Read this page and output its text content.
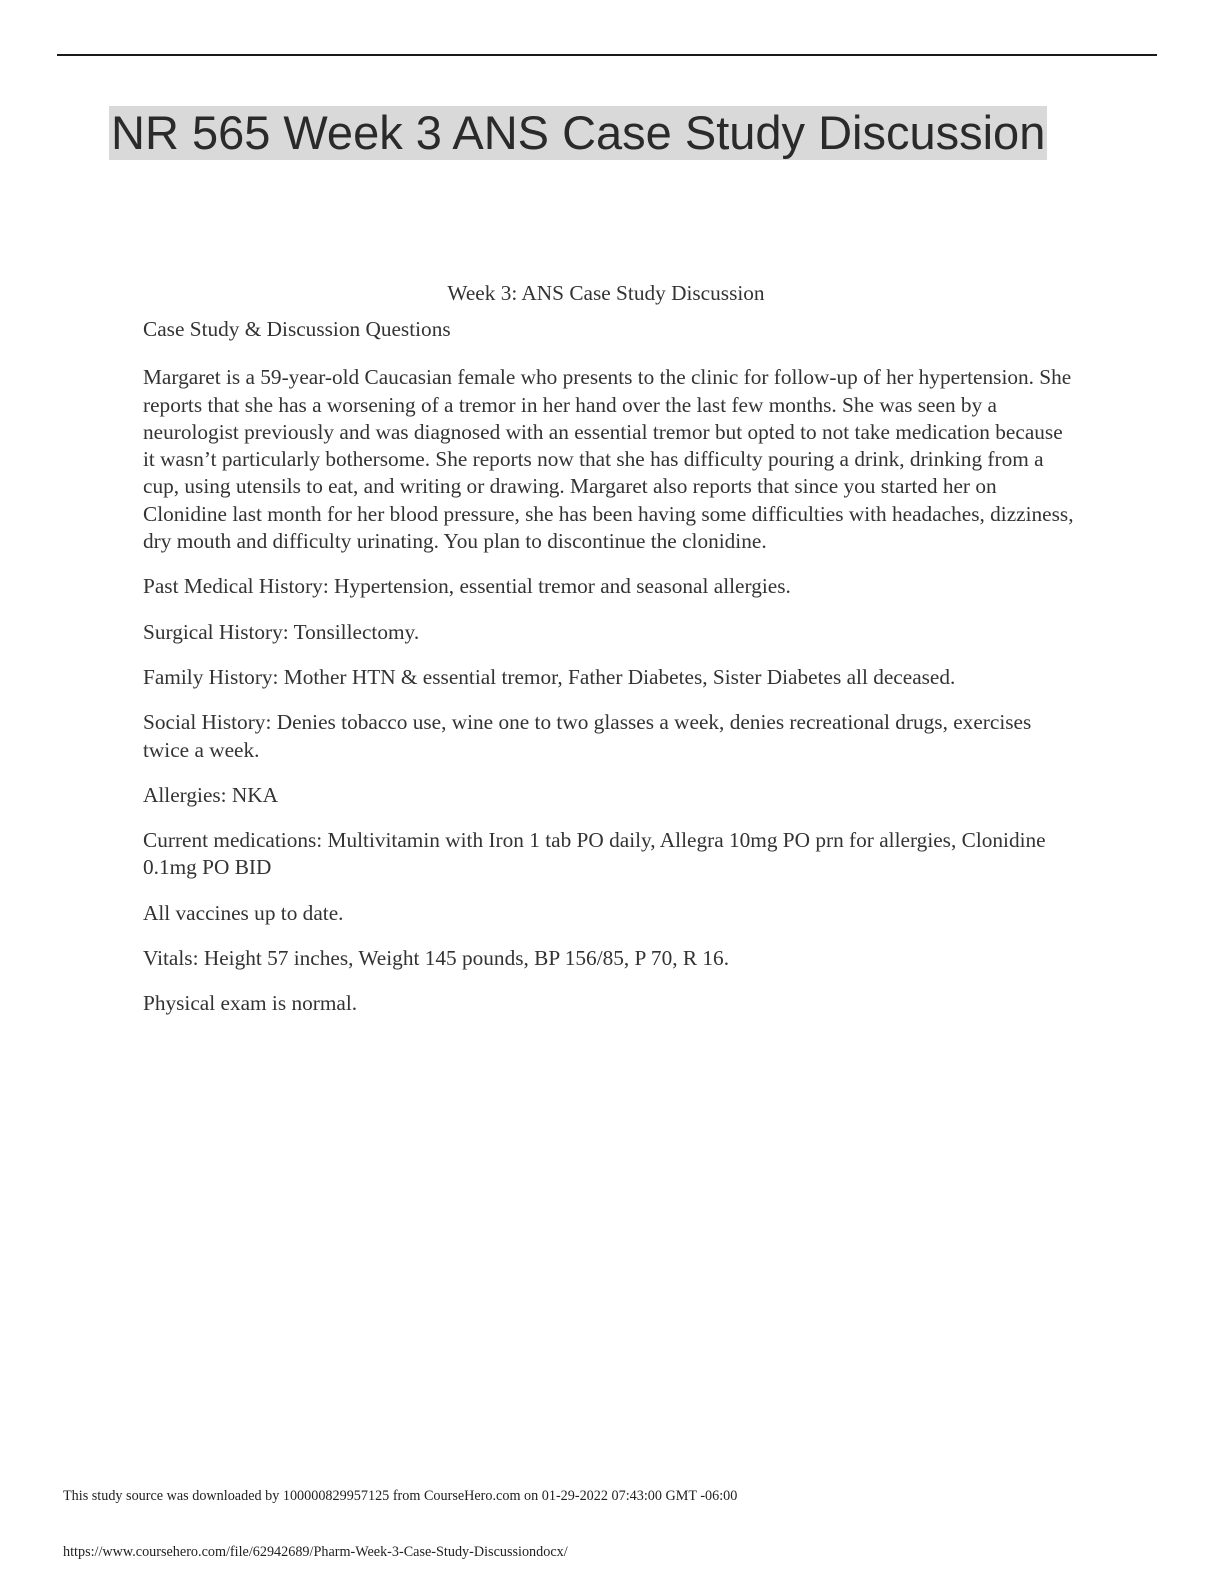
NR 565 Week 3 ANS Case Study Discussion
Week 3: ANS Case Study Discussion

Case Study & Discussion Questions

Margaret is a 59-year-old Caucasian female who presents to the clinic for follow-up of her hypertension. She reports that she has a worsening of a tremor in her hand over the last few months. She was seen by a neurologist previously and was diagnosed with an essential tremor but opted to not take medication because it wasn’t particularly bothersome. She reports now that she has difficulty pouring a drink, drinking from a cup, using utensils to eat, and writing or drawing. Margaret also reports that since you started her on Clonidine last month for her blood pressure, she has been having some difficulties with headaches, dizziness, dry mouth and difficulty urinating. You plan to discontinue the clonidine.

Past Medical History: Hypertension, essential tremor and seasonal allergies.

Surgical History: Tonsillectomy.

Family History: Mother HTN & essential tremor, Father Diabetes, Sister Diabetes all deceased.

Social History: Denies tobacco use, wine one to two glasses a week, denies recreational drugs, exercises twice a week.

Allergies: NKA

Current medications: Multivitamin with Iron 1 tab PO daily, Allegra 10mg PO prn for allergies, Clonidine 0.1mg PO BID

All vaccines up to date.

Vitals: Height 57 inches, Weight 145 pounds, BP 156/85, P 70, R 16.

Physical exam is normal.

This study source was downloaded by 100000829957125 from CourseHero.com on 01-29-2022 07:43:00 GMT -06:00
https://www.coursehero.com/file/62942689/Pharm-Week-3-Case-Study-Discussiondocx/
